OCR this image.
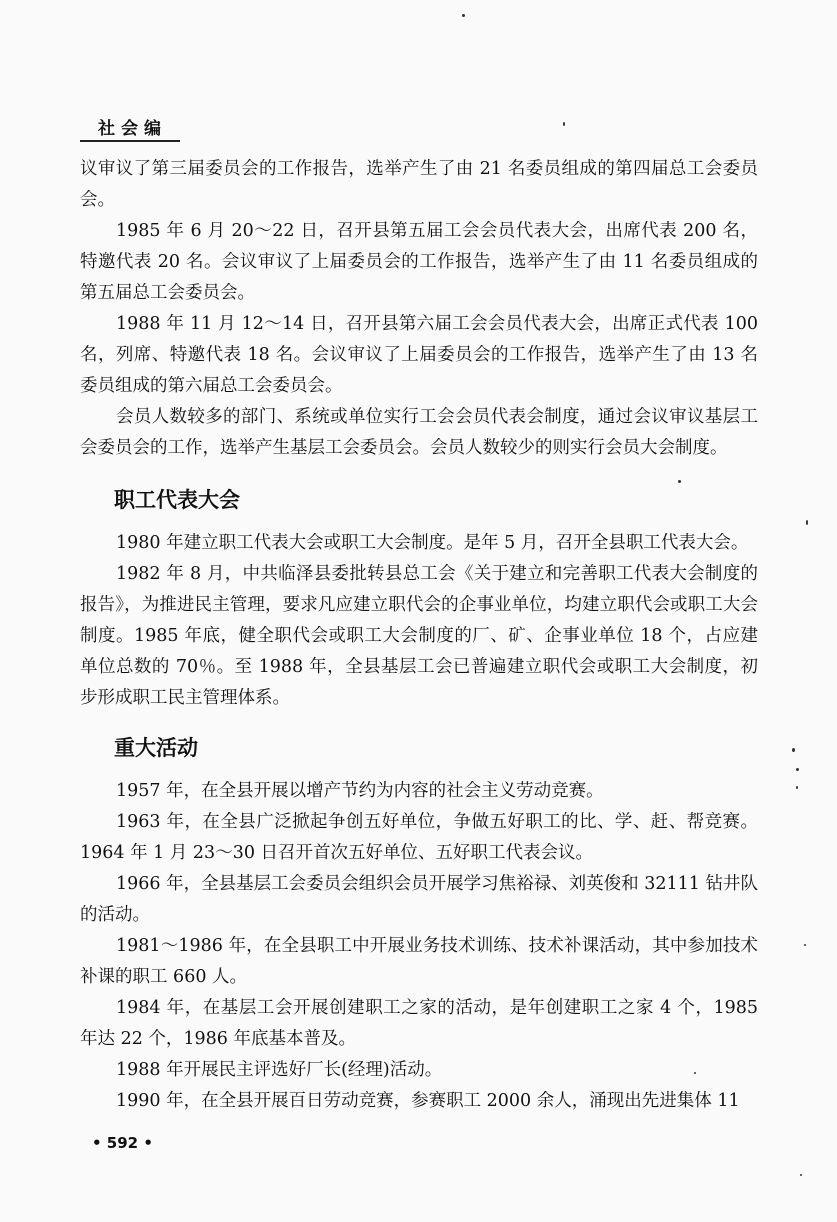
社会编

议审议了第三届委员会的工作报告，选举产生了由 21 名委员组成的第四届总工会委员会。

1985 年 6 月 20～22 日，召开县第五届工会会员代表大会，出席代表 200 名，特邀代表 20 名。会议审议了上届委员会的工作报告，选举产生了由 11 名委员组成的第五届总工会委员会。

1988 年 11 月 12～14 日，召开县第六届工会会员代表大会，出席正式代表 100 名，列席、特邀代表 18 名。会议审议了上届委员会的工作报告，选举产生了由 13 名委员组成的第六届总工会委员会。

会员人数较多的部门、系统或单位实行工会会员代表会制度，通过会议审议基层工会委员会的工作，选举产生基层工会委员会。会员人数较少的则实行会员大会制度。

职工代表大会

1980 年建立职工代表大会或职工大会制度。是年 5 月，召开全县职工代表大会。

1982 年 8 月，中共临泽县委批转县总工会《关于建立和完善职工代表大会制度的报告》，为推进民主管理，要求凡应建立职代会的企事业单位，均建立职代会或职工大会制度。1985 年底，健全职代会或职工大会制度的厂、矿、企事业单位 18 个，占应建单位总数的 70％。至 1988 年，全县基层工会已普遍建立职代会或职工大会制度，初步形成职工民主管理体系。

重大活动

1957 年，在全县开展以增产节约为内容的社会主义劳动竞赛。

1963 年，在全县广泛掀起争创五好单位，争做五好职工的比、学、赶、帮竞赛。1964 年 1 月 23～30 日召开首次五好单位、五好职工代表会议。

1966 年，全县基层工会委员会组织会员开展学习焦裕禄、刘英俊和 32111 钻井队的活动。

1981～1986 年，在全县职工中开展业务技术训练、技术补课活动，其中参加技术补课的职工 660 人。

1984 年，在基层工会开展创建职工之家的活动，是年创建职工之家 4 个，1985 年达 22 个，1986 年底基本普及。

1988 年开展民主评选好厂长(经理)活动。

1990 年，在全县开展百日劳动竞赛，参赛职工 2000 余人，涌现出先进集体 11

• 592 •
